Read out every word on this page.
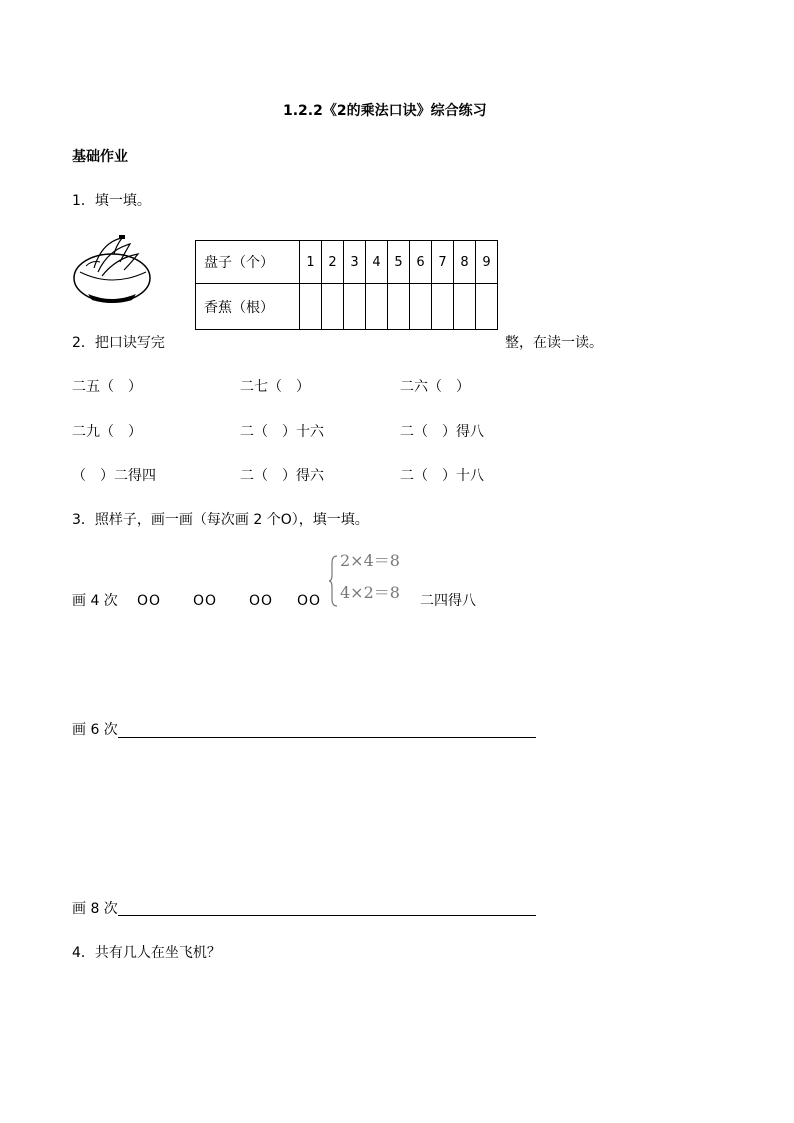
1.2.2《2的乘法口诀》综合练习
基础作业
1．填一填。
盘子（个）	1	2	3	4	5	6	7	8	9
香蕉（根）									
2．把口诀写完	整，在读一读。
二五（　）	二七（　）	二六（　）
二九（　）	二（　）十六	二（　）得八
（　）二得四	二（　）得六	二（　）十八
3．照样子，画一画（每次画 2 个O），填一填。
画 4 次 OO OO OO OO
2×4＝8
4×2＝8 二四得八
画 6 次
画 8 次
4．共有几人在坐飞机？
